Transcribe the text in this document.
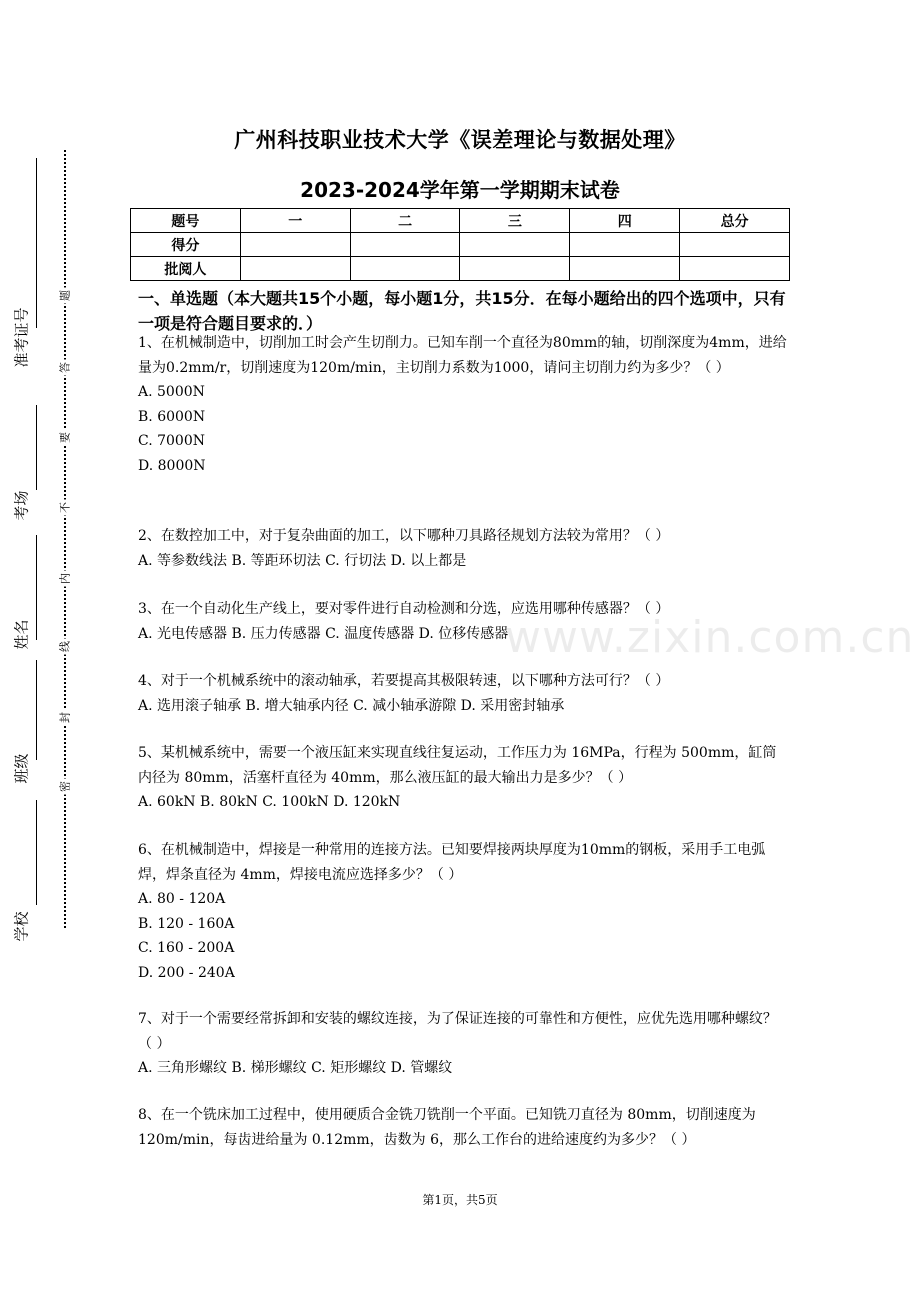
准考证号
考场
姓名
班级
学校
题
答
要
不
内
线
封
密
广州科技职业技术大学《误差理论与数据处理》
2023-2024学年第一学期期末试卷
题号	一	二	三	四	总分
得分					
批阅人					
一、单选题（本大题共15个小题，每小题1分，共15分．在每小题给出的四个选项中，只有一项是符合题目要求的．）

1、在机械制造中，切削加工时会产生切削力。已知车削一个直径为80mm的轴，切削深度为4mm，进给量为0.2mm/r，切削速度为120m/min，主切削力系数为1000，请问主切削力约为多少？（ ）

A. 5000N

B. 6000N

C. 7000N

D. 8000N

2、在数控加工中，对于复杂曲面的加工，以下哪种刀具路径规划方法较为常用？（ ）

A. 等参数线法 B. 等距环切法 C. 行切法 D. 以上都是

3、在一个自动化生产线上，要对零件进行自动检测和分选，应选用哪种传感器？（ ）

A. 光电传感器 B. 压力传感器 C. 温度传感器 D. 位移传感器

4、对于一个机械系统中的滚动轴承，若要提高其极限转速，以下哪种方法可行？（ ）

A. 选用滚子轴承 B. 增大轴承内径 C. 减小轴承游隙 D. 采用密封轴承

5、某机械系统中，需要一个液压缸来实现直线往复运动，工作压力为 16MPa，行程为 500mm，缸筒内径为 80mm，活塞杆直径为 40mm，那么液压缸的最大输出力是多少？（ ）

A. 60kN B. 80kN C. 100kN D. 120kN

6、在机械制造中，焊接是一种常用的连接方法。已知要焊接两块厚度为10mm的钢板，采用手工电弧焊，焊条直径为 4mm，焊接电流应选择多少？（ ）

A. 80 - 120A

B. 120 - 160A

C. 160 - 200A

D. 200 - 240A

7、对于一个需要经常拆卸和安装的螺纹连接，为了保证连接的可靠性和方便性，应优先选用哪种螺纹？（ ）

A. 三角形螺纹 B. 梯形螺纹 C. 矩形螺纹 D. 管螺纹

8、在一个铣床加工过程中，使用硬质合金铣刀铣削一个平面。已知铣刀直径为 80mm，切削速度为 120m/min，每齿进给量为 0.12mm，齿数为 6，那么工作台的进给速度约为多少？（ ）

www.zixin.com.cn
第1页，共5页
